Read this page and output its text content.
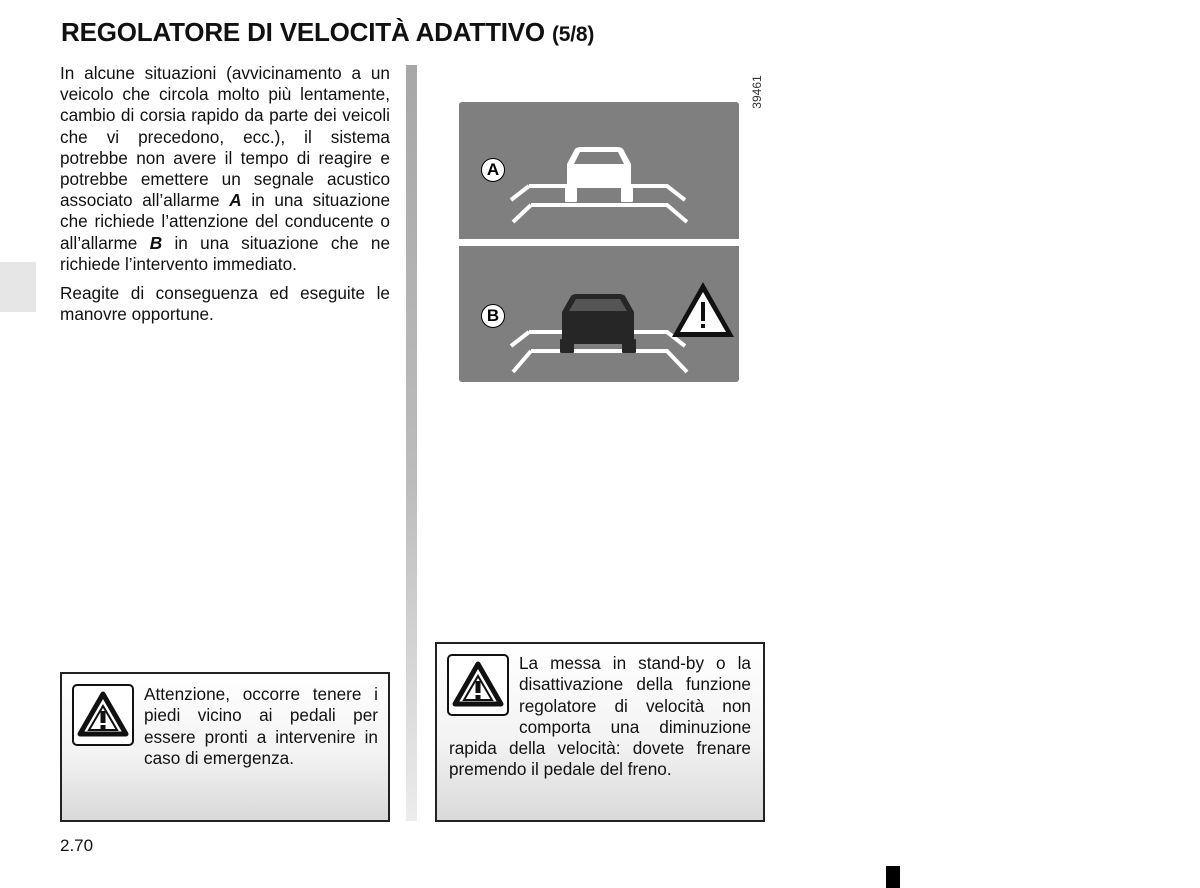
REGOLATORE DI VELOCITÀ ADATTIVO (5/8)

In alcune situazioni (avvicinamento a un veicolo che circola molto più lentamente, cambio di corsia rapido da parte dei veicoli che vi precedono, ecc.), il sistema potrebbe non avere il tempo di reagire e potrebbe emettere un segnale acustico associato all’allarme A in una situazione che richiede l’attenzione del conducente o all’allarme B in una situazione che ne richiede l’intervento immediato.

Reagite di conseguenza ed eseguite le manovre opportune.

39461
A
B
Attenzione, occorre tenere i piedi vicino ai pedali per essere pronti a intervenire in caso di emergenza.
La messa in stand-by o la disattivazione della funzione regolatore di velocità non comporta una diminuzione rapida della velocità: dovete frenare premendo il pedale del freno.
2.70
